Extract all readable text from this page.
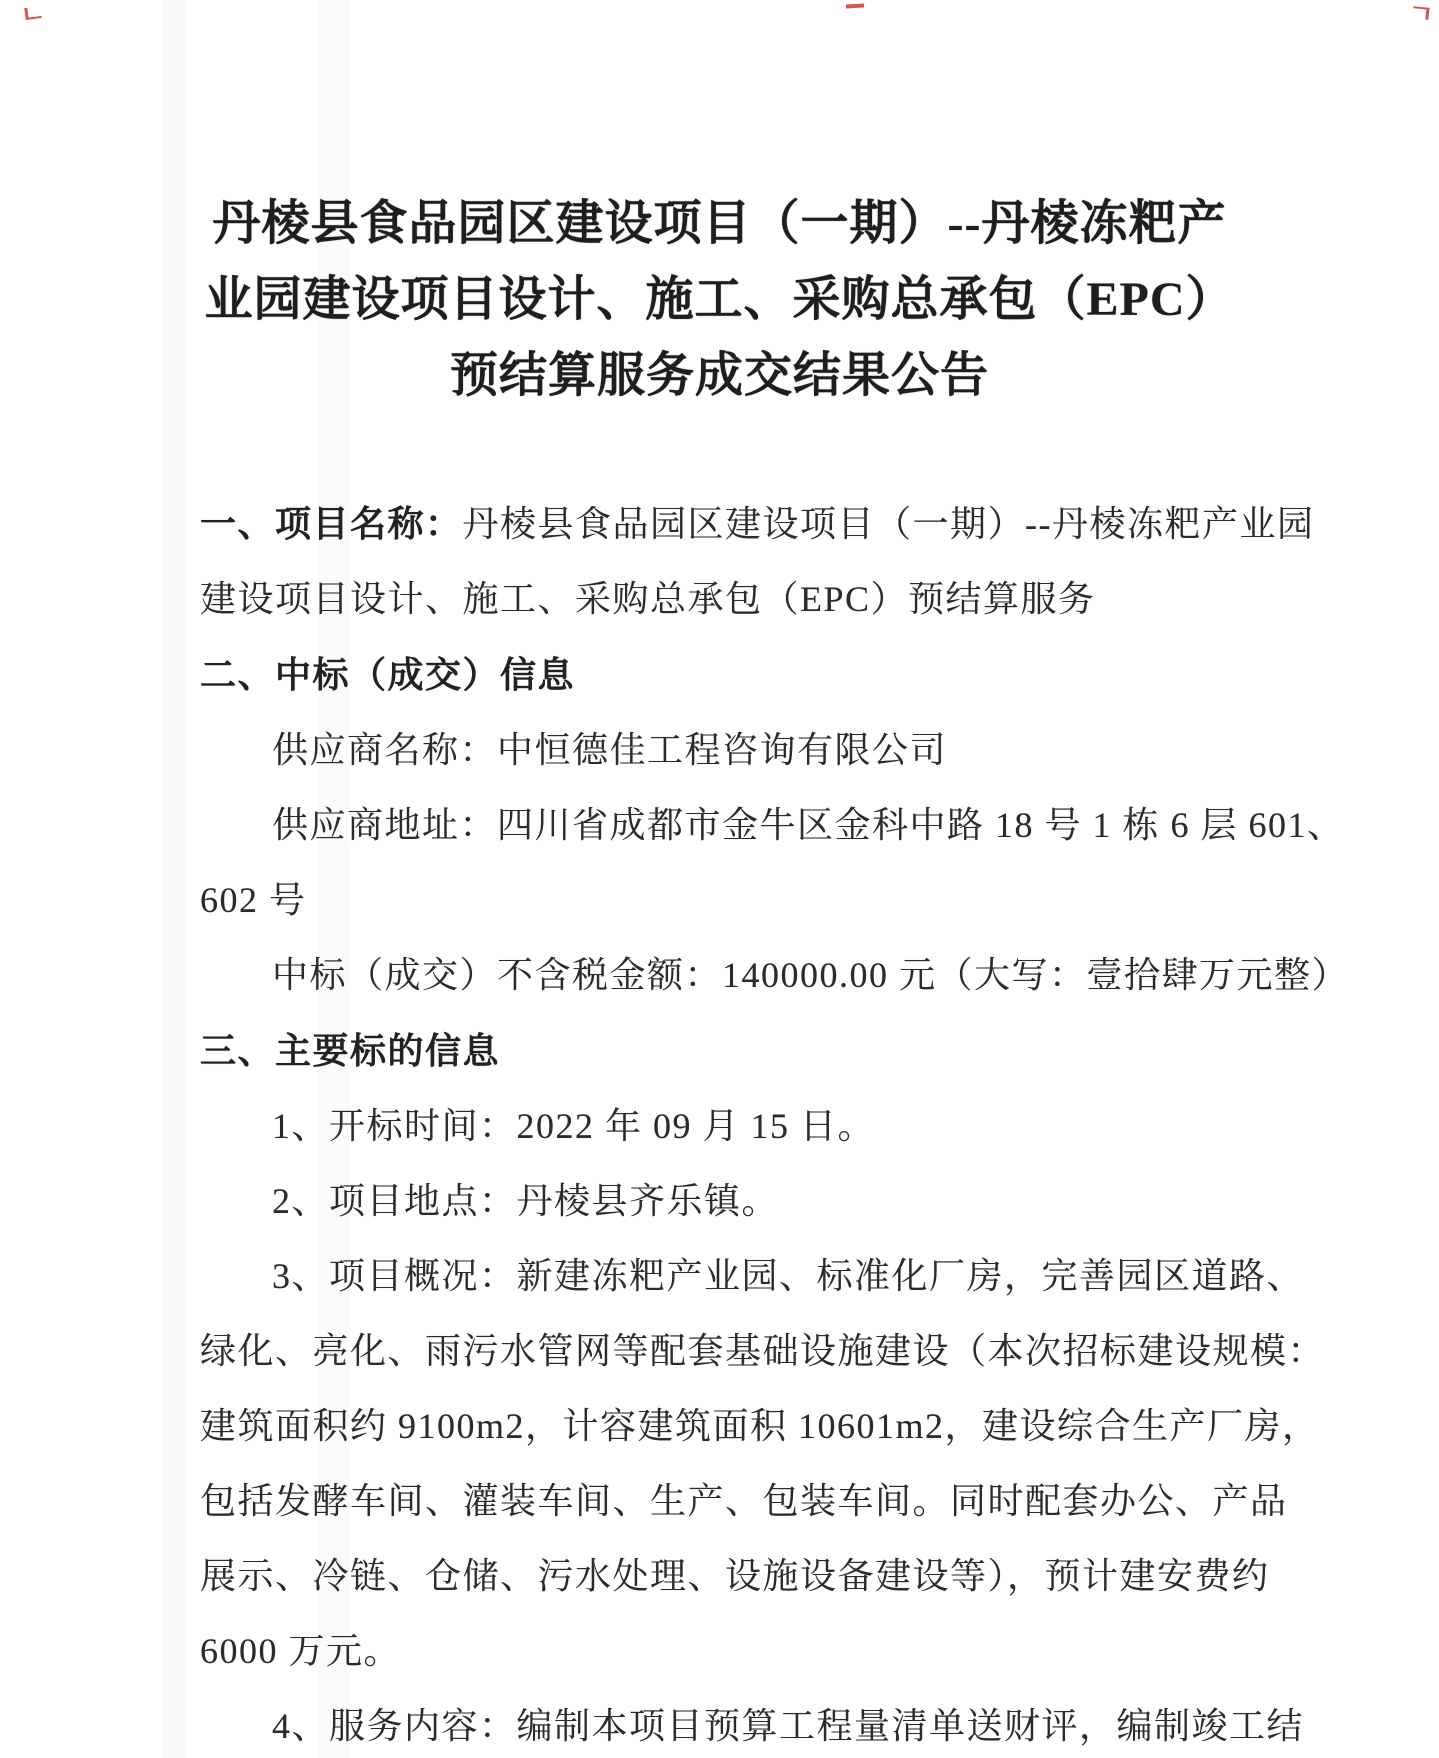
丹棱县食品园区建设项目（一期）--丹棱冻粑产
业园建设项目设计、施工、采购总承包（EPC）
预结算服务成交结果公告

一、项目名称：丹棱县食品园区建设项目（一期）--丹棱冻粑产业园

建设项目设计、施工、采购总承包（EPC）预结算服务

二、中标（成交）信息

供应商名称：中恒德佳工程咨询有限公司

供应商地址：四川省成都市金牛区金科中路 18 号 1 栋 6 层 601、

602 号

中标（成交）不含税金额：140000.00 元（大写：壹拾肆万元整）

三、主要标的信息

1、开标时间：2022 年 09 月 15 日。

2、项目地点：丹棱县齐乐镇。

3、项目概况：新建冻粑产业园、标准化厂房，完善园区道路、

绿化、亮化、雨污水管网等配套基础设施建设（本次招标建设规模：

建筑面积约 9100m2，计容建筑面积 10601m2，建设综合生产厂房，

包括发酵车间、灌装车间、生产、包装车间。同时配套办公、产品

展示、冷链、仓储、污水处理、设施设备建设等），预计建安费约

6000 万元。

4、服务内容：编制本项目预算工程量清单送财评，编制竣工结
